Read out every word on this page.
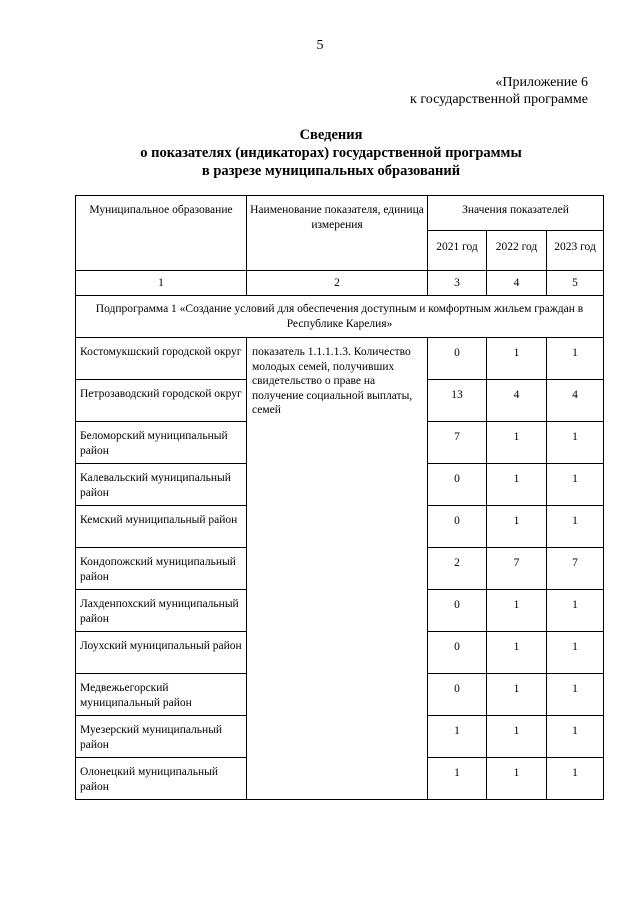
5
«Приложение 6
к государственной программе
Сведения
о показателях (индикаторах) государственной программы
в разрезе муниципальных образований
Муниципальное образование	Наименование показателя, единица измерения	Значения показателей		
		2021 год	2022 год	2023 год
1	2	3	4	5
Подпрограмма 1 «Создание условий для обеспечения доступным и комфортным жильем граждан в Республике Карелия»				
Костомукшский городской округ	показатель 1.1.1.1.3. Количество молодых семей, получивших свидетельство о праве на получение социальной выплаты, семей	0	1	1
Петрозаводский городской округ		13	4	4
Беломорский муниципальный район		7	1	1
Калевальский муниципальный район		0	1	1
Кемский муниципальный район		0	1	1
Кондопожский муниципальный район		2	7	7
Лахденпохский муниципальный район		0	1	1
Лоухский муниципальный район		0	1	1
Медвежьегорский муниципальный район		0	1	1
Муезерский муниципальный район		1	1	1
Олонецкий муниципальный район		1	1	1
